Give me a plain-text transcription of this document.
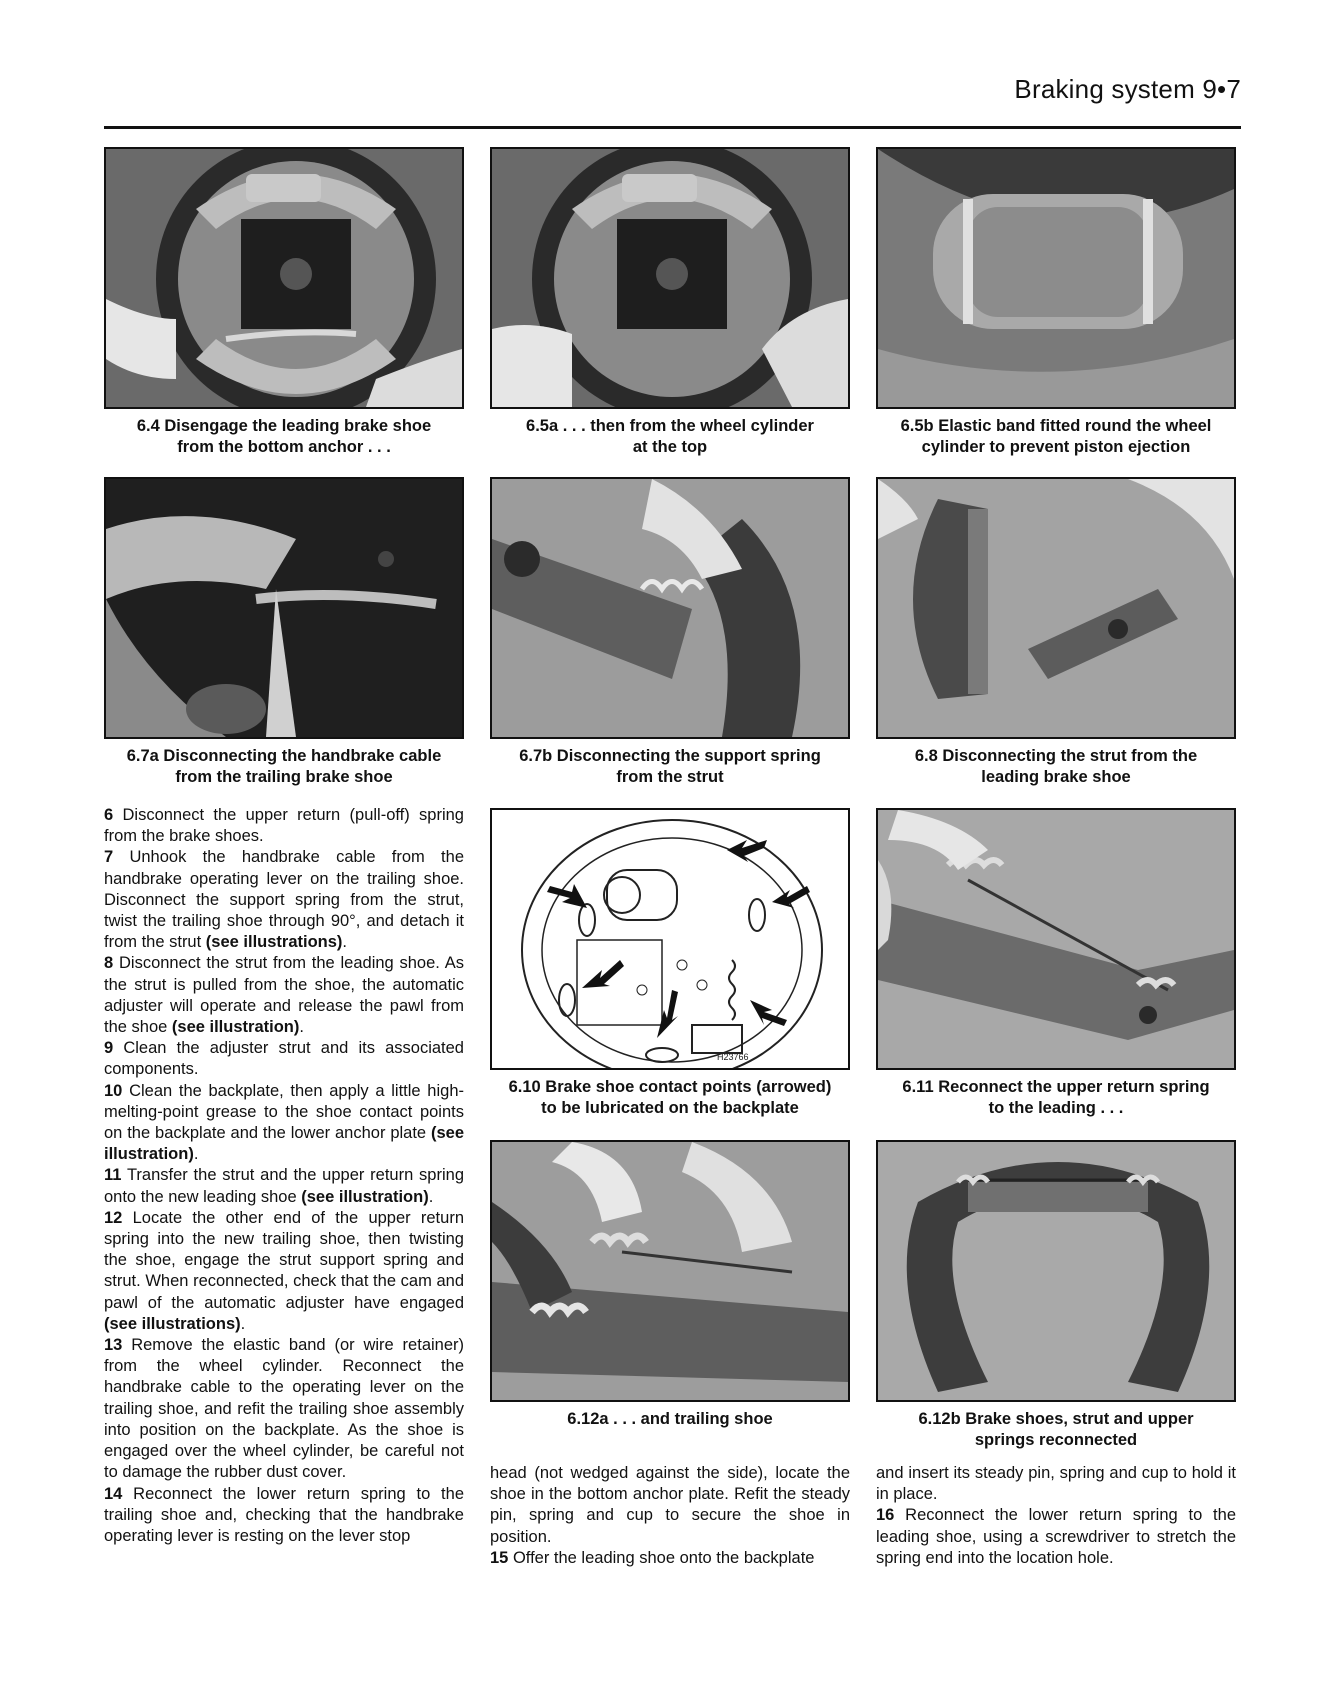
Braking system 9•7
6.4 Disengage the leading brake shoe
from the bottom anchor . . .
6.5a . . . then from the wheel cylinder
at the top
6.5b Elastic band fitted round the wheel
cylinder to prevent piston ejection
6.7a Disconnecting the handbrake cable
from the trailing brake shoe
6.7b Disconnecting the support spring
from the strut
6.8 Disconnecting the strut from the
leading brake shoe
H23766
6.10 Brake shoe contact points (arrowed)
to be lubricated on the backplate
6.11 Reconnect the upper return spring
to the leading . . .
6.12a . . . and trailing shoe	6.12b Brake shoes, strut and upper
springs reconnected

6 Disconnect the upper return (pull-off) spring from the brake shoes.

7 Unhook the handbrake cable from the handbrake operating lever on the trailing shoe. Disconnect the support spring from the strut, twist the trailing shoe through 90°, and detach it from the strut (see illustrations).

8 Disconnect the strut from the leading shoe. As the strut is pulled from the shoe, the automatic adjuster will operate and release the pawl from the shoe (see illustration).

9 Clean the adjuster strut and its associated components.

10 Clean the backplate, then apply a little high-melting-point grease to the shoe contact points on the backplate and the lower anchor plate (see illustration).

11 Transfer the strut and the upper return spring onto the new leading shoe (see illustration).

12 Locate the other end of the upper return spring into the new trailing shoe, then twisting the shoe, engage the strut support spring and strut. When reconnected, check that the cam and pawl of the automatic adjuster have engaged (see illustrations).

13 Remove the elastic band (or wire retainer) from the wheel cylinder. Reconnect the handbrake cable to the operating lever on the trailing shoe, and refit the trailing shoe assembly into position on the backplate. As the shoe is engaged over the wheel cylinder, be careful not to damage the rubber dust cover.

14 Reconnect the lower return spring to the trailing shoe and, checking that the handbrake operating lever is resting on the lever stop

head (not wedged against the side), locate the shoe in the bottom anchor plate. Refit the steady pin, spring and cup to secure the shoe in position.

15 Offer the leading shoe onto the backplate

and insert its steady pin, spring and cup to hold it in place.

16 Reconnect the lower return spring to the leading shoe, using a screwdriver to stretch the spring end into the location hole.
